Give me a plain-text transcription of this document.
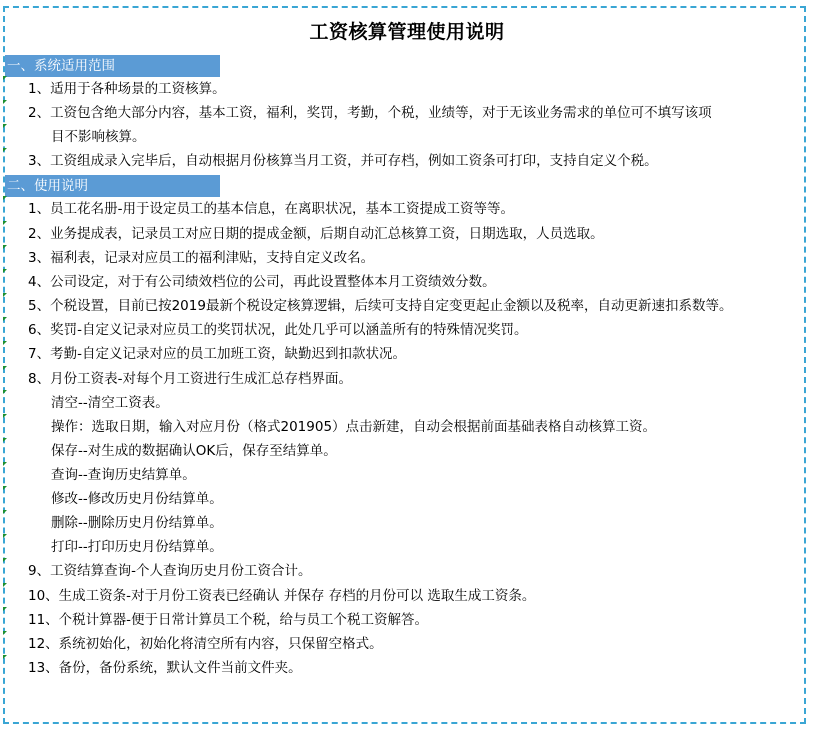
工资核算管理使用说明
一、系统适用范围
1、适用于各种场景的工资核算。
2、工资包含绝大部分内容，基本工资，福利，奖罚，考勤，个税，业绩等，对于无该业务需求的单位可不填写该项
目不影响核算。
3、工资组成录入完毕后，自动根据月份核算当月工资，并可存档，例如工资条可打印，支持自定义个税。
二、使用说明
1、员工花名册-用于设定员工的基本信息，在离职状况，基本工资提成工资等等。
2、业务提成表，记录员工对应日期的提成金额，后期自动汇总核算工资，日期选取，人员选取。
3、福利表，记录对应员工的福利津贴，支持自定义改名。
4、公司设定，对于有公司绩效档位的公司，再此设置整体本月工资绩效分数。
5、个税设置，目前已按2019最新个税设定核算逻辑，后续可支持自定变更起止金额以及税率，自动更新速扣系数等。
6、奖罚-自定义记录对应员工的奖罚状况，此处几乎可以涵盖所有的特殊情况奖罚。
7、考勤-自定义记录对应的员工加班工资，缺勤迟到扣款状况。
8、月份工资表-对每个月工资进行生成汇总存档界面。
清空--清空工资表。
操作：选取日期，输入对应月份（格式201905）点击新建，自动会根据前面基础表格自动核算工资。
保存--对生成的数据确认OK后，保存至结算单。
查询--查询历史结算单。
修改--修改历史月份结算单。
删除--删除历史月份结算单。
打印--打印历史月份结算单。
9、工资结算查询-个人查询历史月份工资合计。
10、生成工资条-对于月份工资表已经确认 并保存 存档的月份可以 选取生成工资条。
11、个税计算器-便于日常计算员工个税，给与员工个税工资解答。
12、系统初始化，初始化将清空所有内容，只保留空格式。
13、备份，备份系统，默认文件当前文件夹。
